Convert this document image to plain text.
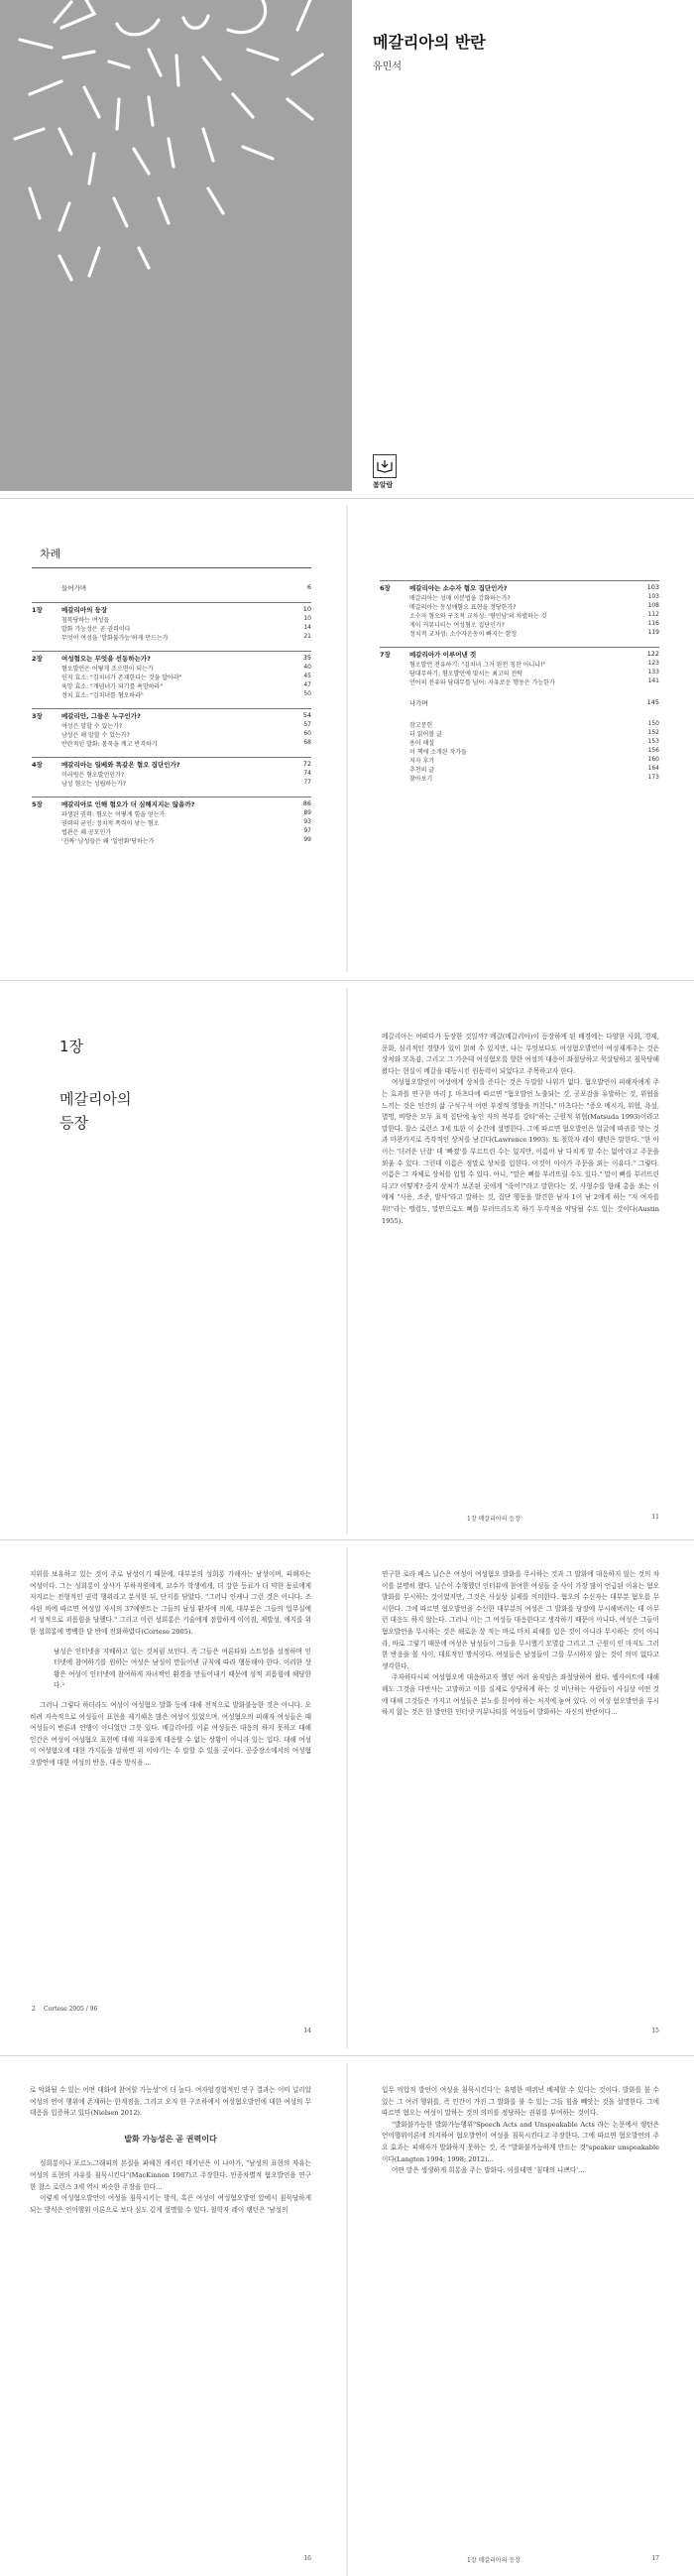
메갈리아의 반란
유민석
봄알람
차례
들어가며	6
1장	메갈리아의 등장	10
침묵당하는 여성들	10
발화 가능성은 곧 권력이다	14
무엇이 여성을 '발화불가능'하게 만드는가	21
2장	여성혐오는 무엇을 선동하는가?	35
혐오발언은 어떻게 조으면이 되는가	40
인지 효소: "김치녀가 존재한다는 것을 알아라"	45
육망 효소: "개념녀가 되기를 욕망하라"	47
정치 효소: "김치녀를 혐오하라"	50
3장	메갈리안, 그들은 누구인가?	54
여성은 말할 수 있는가?	57
남성은 해 말할 수 있는가?	60
반란적인 발화: 몸묵을 깨고 반격하기	68
4장	메갈리아는 일베와 똑같은 혐오 집단인가?	72
미러링은 혐오발언인가?	74
남성 혐오는 성립하는가?	77
5장	메갈리아로 인해 혐오가 더 심해지지는 않을까?	86
파생된 권력: 혐오는 어떻게 힘을 얻는가	89
권력의 균인: 정치적 폭력이 낳는 혐오	93
법관은 왜 공모인가	97
'진짜' 남성들은 왜 '일반화'당하는가	99
6장	메갈리아는 소수자 혐오 집단인가?	103
메갈리아는 성매 이분법을 강화하는가?	103
메갈리아는 동성애혐오 표현을 정당한가?	108
소수자 혐오와 구조적 교차성: '평인남'의 차별하는 것	112
게이 커뮤니티는 여성혐오 집단인가?	116
정치적 교차성: 소수자운동이 빠지는 함정	119
7장	메갈리아가 이루어낸 것	122
혐오발언 전유하기: "김치녀 그거 완전 칭찬 아니냐!"	123
담대무하기: 혐오발언에 맞서는 최고의 전략	133
언어의 전유와 담대무를 넘어: 자유로운 행동은 가능한가	141
나가며	145
참고문헌	150
더 읽어볼 글	152
용어 해설	153
이 책에 소개된 작가들	156
저자 후기	160
추천의 글	164
찾아보기	173
1장
메갈리아의
등장

메갈리아는 어떠다가 등장한 것일까? 메갈(메갈리아)이 등장하게 된 배경에는 다양한 사회, 경제, 문화, 심리적인 경향가 있이 얽혀 수 있지만, 나는 무엇보다도 여성혐오발언이 여성재게주는 것은 상처와 모욕감, 그리고 그 가운데 여성혐오를 향한 여성의 대응이 좌절당하고 묵살당하고 침묵당해왔다는 현실이 메갈을 태동시킨 원동력이 되었다고 주목하고자 한다.

여성혐오발언이 여성에게 상처를 준다는 것은 두말할 나위가 없다. 혐오발언이 피해자에게 주는 효과를 연구한 마리 J. 마츠다에 따르면 "혐오발언 노출되는 것, 공포감을 유발하는 것, 위협을 느끼는 것은 인간의 삶 구석구석 어떤 부정적 영향을 끼친다." 마츠다는 "증오 메시지, 위협, 욕설, 멸명, 비방은 모두 표적 집단에 놓인 자의 복부를 강타"하는 근원적 위협(Matsuda 1993)이라고 말한다. 찰스 로런스 3세 또한 이 순간에 설명한다. 그에 따르면 혐오발언은 얼굴에 따귀를 맞는 것과 마찬가지로 즉각적인 상처를 남긴다(Lawrence 1993). 또 철학자 레이 랭턴은 말한다. "한 아이는 '더러운 난잡' 데 '빠졌'를 부르트린 수는 있지만, 이름이 남 다치게 할 수는 없어'라고 주문을 외울 수 있다. 그런데 이름은 정말로 상처를 입힌다. 이것이 아이가 주문을 외는 이유다." 그렇다. 이름은 그 자체로 상처를 입힐 수 있다. 아니, "말은 뼈를 부러뜨릴 수도 있다." 말이 뼈를 부러뜨린다고? 어떻게? 중지 상처가 보존된 곳에게 "죽어!"라고 말한다는 것, 사형수를 향해 총을 쏘는 이에게 "사용, 조준, 발사"라고 말하는 것, 집단 행동을 발견한 남자 1이 남 2에게 하는 "저 여자를 위!"라는 명령도, 말만으로도 뼈를 부러뜨리도록 하기 두각적을 약당될 수도 있는 것이다(Austin 1955).

1장 메갈리아의 등장	11

지위를 보유하고 있는 것이 주로 남성이기 때문에, 대부분의 성희롱 가해자는 남성이며, 피해자는 여성이다. 그는 성희롱이 상사가 부하직원에게, 교수가 학생에게, 더 강한 등료가 더 약한 동료에게 저지르는 전형적인 권력 행위라고 분석한 뒤, 단지를 담았다. "그러나 인케나 그런 것은 아니다. 조사된 바에 따르면 여성일 자서의 37에센트는 그들의 남성 환자에 의해, 대부분은 그들의 업무실에서 성적으로 괴롭힘을 당했다." 그리고 이런 성희롱은 기술에게 점합하게 이어짐, 재발성, 에지를 위한 성희롱에 명백한 달 반에 전화하였다(Cortese 2005).

남성은 인터넷을 지배하고 있는 것처럼 보인다. 즉 그들은 여론타와 스트얼을 설정하며 인터넷에 참여하기를 원하는 여성은 남성이 만들어낸 규칙에 따라 행동해야 한다. 이러한 상황은 여성이 인터넷에 참여하게 자녀적인 환경을 만들어내기 때문에 성적 괴롭힘에 해당한다.²

그러나 그렇다 하더라도 여성이 여성혐오 발화 등에 대해 전적으로 발화불능한 것은 아니다. 오히려 지속적으로 여성들이 표현을 제기해온 많은 여성이 있었으며, 여성혐오의 피해자 여성들은 때 여성들이 반론과 언행이 아니었던 그릇 있다. 메갈리아를 이룬 여성들은 대응의 하지 못하고 대해 인간은 여성이 여성혐오 표현에 대해 자유롭게 대응할 수 없는 상황이 아니라 있는 입다. 대해 여성이 여성혐오에 대한 가지들을 말하면 위 이야기는 수 말할 수 있을 곳이다. 공중장소에서의 여성혐오발언에 대한 여성의 반응, 대응 방식을 ...

2 Cortese 2005 / 96
14

연구한 로라 베스 닐슨은 여성이 여성혐오 발화를 무시하는 것과 그 발화에 대응하지 않는 것의 차이를 분명히 했다. 닐슨이 수행했던 인터뷰에 참여한 여성들 중 사이 가장 많이 언급된 이유는 혐오 발화를 무시하는 것이었지만, 그것은 사실상 실제를 의미한다. 혐오의 수신자는 대부분 혐오를 무시한다. 그에 따르면 혐오발언을 수신한 대부분의 여성은 그 발화를 당장에 무시해버리는 데 아무런 대응도 하지 않는다. 그러나 이는 그 여성들 대응한다고 생각하기 때문이 아니다. 여성은 그들이 혐오발언을 무시하는 것은 해로운 상 적는 바로 마치 피해를 입은 것이 아니라 무시하는 것이 아니라, 바로 그렇기 때문에 여성은 남성들이 그들을 무시했기 모멸감 그리고 그 근원이 인 마저도 그러한 반응을 볼 사이, 대표적인 방식이다. 여성들은 남성들이 그를 무시하지 않는 것이 의미 없다고 생각한다.

주자하다시피 여성혐오에 대응하고자 했던 여러 움직임은 좌절당하여 왔다. 웹사이트에 대해 해도 그것을 다반사는 고발하고 이를 실제로 상당하게 하는 것 비난하는 사람들이 사실상 어떤 것에 대해 그것들은 가지고 여성들은 분노를 묻어야 하는 처지에 놓여 있다. 이 여성 혐오발언을 무시하지 않는 것은 한 발언한 인터넷 커뮤니티를 여성들이 발화하는 자신의 반란이다...

15

로 악화될 수 있는 어떤 대화에 참여할 가능성"이 더 높다. 여자엄경험적인 연구 결과는 이미 널리알 여성의 언어 행위에 존재하는 한계점을, 그리고 오직 한 구조하에서 여성혐오발언에 대한 여성의 무대응을 입증하고 있다(Nielsen 2012).

발화 가능성은 곧 권력이다

성희롱이나 포르노그래피의 본질을 파헤친 캐서린 매키넌은 이 나아가, "남성의 표현의 자유는 여성의 표현의 자유를 침묵시킨다"(MacKinnon 1987)고 주장한다. 인종차별적 혐오발언을 연구한 찰스 로런스 3세 역시 비슷한 주장을 한다...

이렇게 여성혐오발언이 여성을 침묵시키는 방식, 혹은 여성이 여성혐오발언 앞에서 침묵당하게 되는 방식은 언어행위 이론으로 보다 심도 깊게 설명할 수 있다. 철학자 레이 랭턴은 '남성의

16

입무 억압적 발언이 여성을 침묵시킨다'는 유명한 매퀴넌 배제할 수 있다는 것이다. 발화를 불 수 있는 그 여러 행위를, 즉 인간이 가진 그 발화를 불 수 있는 그들 힘을 빼앗는 것을 설명한다. 그에 따르면 혐오는 여성이 말하는 것의 의미를 정당하는 권위를 부여하는 것이다.

"발화불가능한 발화가능행위"Speech Acts and Unspeakable Acts 라는 논문에서 랭턴은 언어행위이론에 의지하여 혐오발언이 여성을 침묵시킨다고 주장한다. 그에 따르면 혐오발언의 주요 효과는 피해자가 발화하지 못하는 것, 즉 "발화불가능하게 만드는 것"speaker unspeakable이다(Langton 1994; 1998; 2012)...

어떤 말은 생생하게 희롱을 주는 발화다. 이를테면 '침대의 나쁘다'...

1장 메갈리아의 등장	17
